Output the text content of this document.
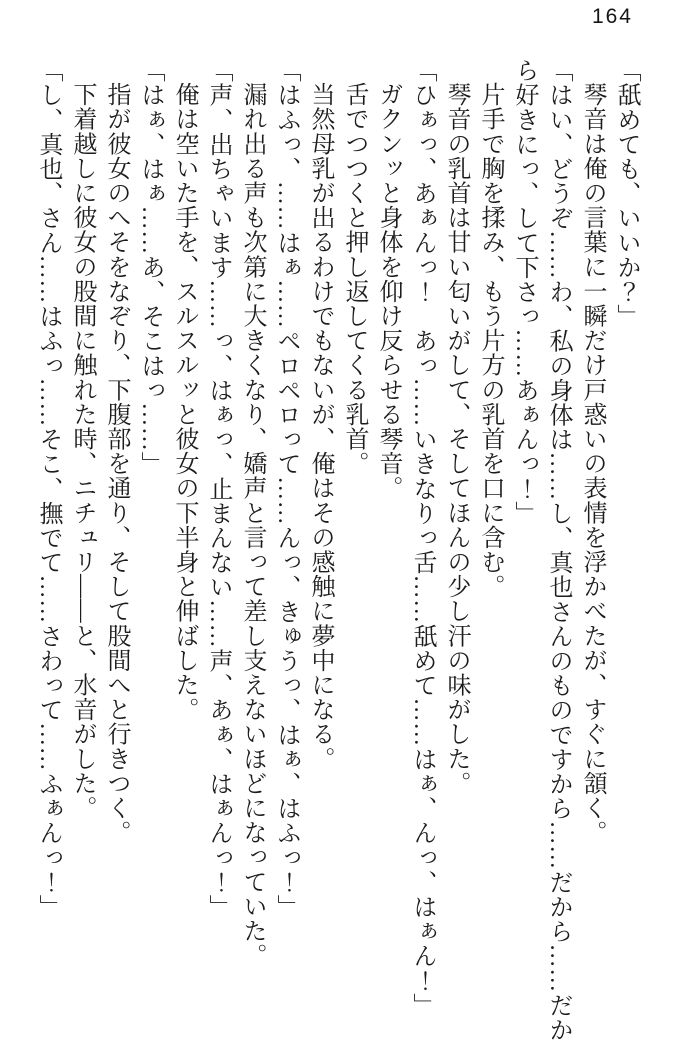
164

「舐めても、いいか？」

琴音は俺の言葉に一瞬だけ戸惑いの表情を浮かべたが、すぐに頷く。

「はい、どうぞ……わ、私の身体は……し、真也さんのものですから……だから……だから好きにっ、して下さっ……あぁんっ！」

片手で胸を揉み、もう片方の乳首を口に含む。

琴音の乳首は甘い匂いがして、そしてほんの少し汗の味がした。

「ひぁっ、あぁんっ！　あっ……いきなりっ舌……舐めて……はぁ、んっ、はぁん！」

ガクンッと身体を仰け反らせる琴音。

舌でつつくと押し返してくる乳首。

当然母乳が出るわけでもないが、俺はその感触に夢中になる。

「はふっ、……はぁ……ペロペロって……んっ、きゅうっ、はぁ、はふっ！」

漏れ出る声も次第に大きくなり、嬌声と言って差し支えないほどになっていた。

「声、出ちゃいます……っ、はぁっ、止まんない……声、あぁ、はぁんっ！」

俺は空いた手を、スルスルッと彼女の下半身と伸ばした。

「はぁ、はぁ……あ、そこはっ……」

指が彼女のへそをなぞり、下腹部を通り、そして股間へと行きつく。

下着越しに彼女の股間に触れた時、ニチュリ——と、水音がした。

「し、真也、さん……はふっ……そこ、撫でて……さわって……ふぁんっ！」
